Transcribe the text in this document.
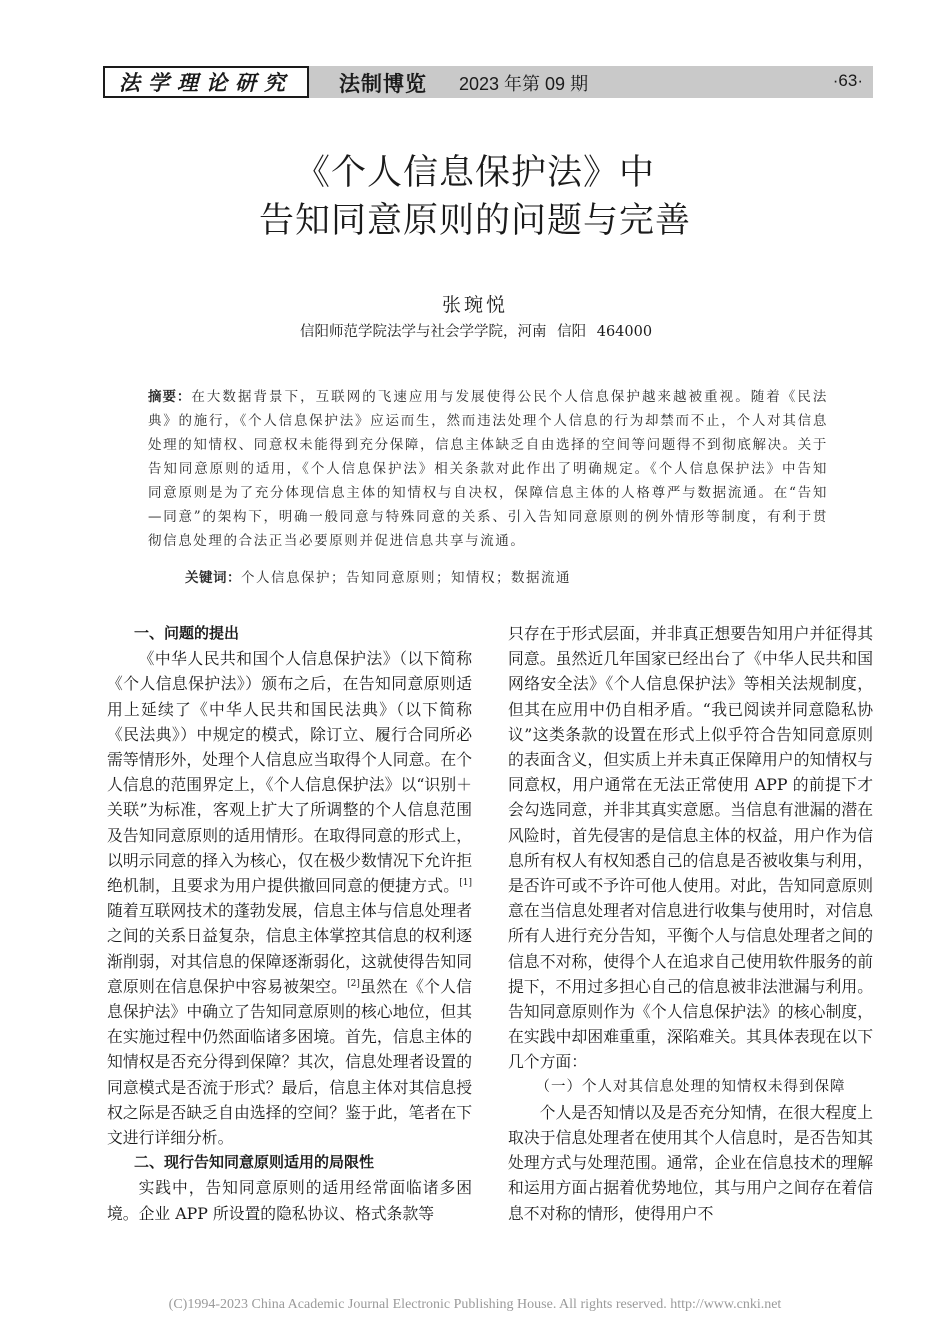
法学理论研究	法制博览 2023 年第 09 期	·63·
《个人信息保护法》中
告知同意原则的问题与完善
张琬悦
信阳师范学院法学与社会学学院，河南 信阳 464000
摘要：在大数据背景下，互联网的飞速应用与发展使得公民个人信息保护越来越被重视。随着《民法典》的施行，《个人信息保护法》应运而生，然而违法处理个人信息的行为却禁而不止，个人对其信息处理的知情权、同意权未能得到充分保障，信息主体缺乏自由选择的空间等问题得不到彻底解决。关于告知同意原则的适用，《个人信息保护法》相关条款对此作出了明确规定。《个人信息保护法》中告知同意原则是为了充分体现信息主体的知情权与自决权，保障信息主体的人格尊严与数据流通。在“告知—同意”的架构下，明确一般同意与特殊同意的关系、引入告知同意原则的例外情形等制度，有利于贯彻信息处理的合法正当必要原则并促进信息共享与流通。
关键词：个人信息保护；告知同意原则；知情权；数据流通
一、问题的提出

《中华人民共和国个人信息保护法》（以下简称《个人信息保护法》）颁布之后，在告知同意原则适用上延续了《中华人民共和国民法典》（以下简称《民法典》）中规定的模式，除订立、履行合同所必需等情形外，处理个人信息应当取得个人同意。在个人信息的范围界定上，《个人信息保护法》以“识别＋关联”为标准，客观上扩大了所调整的个人信息范围及告知同意原则的适用情形。在取得同意的形式上，以明示同意的择入为核心，仅在极少数情况下允许拒绝机制，且要求为用户提供撤回同意的便捷方式。[1]随着互联网技术的蓬勃发展，信息主体与信息处理者之间的关系日益复杂，信息主体掌控其信息的权利逐渐削弱，对其信息的保障逐渐弱化，这就使得告知同意原则在信息保护中容易被架空。[2]虽然在《个人信息保护法》中确立了告知同意原则的核心地位，但其在实施过程中仍然面临诸多困境。首先，信息主体的知情权是否充分得到保障？其次，信息处理者设置的同意模式是否流于形式？最后，信息主体对其信息授权之际是否缺乏自由选择的空间？鉴于此，笔者在下文进行详细分析。

二、现行告知同意原则适用的局限性

实践中，告知同意原则的适用经常面临诸多困境。企业 APP 所设置的隐私协议、格式条款等

只存在于形式层面，并非真正想要告知用户并征得其同意。虽然近几年国家已经出台了《中华人民共和国网络安全法》《个人信息保护法》等相关法规制度，但其在应用中仍自相矛盾。“我已阅读并同意隐私协议”这类条款的设置在形式上似乎符合告知同意原则的表面含义，但实质上并未真正保障用户的知情权与同意权，用户通常在无法正常使用 APP 的前提下才会勾选同意，并非其真实意愿。当信息有泄漏的潜在风险时，首先侵害的是信息主体的权益，用户作为信息所有权人有权知悉自己的信息是否被收集与利用，是否许可或不予许可他人使用。对此，告知同意原则意在当信息处理者对信息进行收集与使用时，对信息所有人进行充分告知，平衡个人与信息处理者之间的信息不对称，使得个人在追求自己使用软件服务的前提下，不用过多担心自己的信息被非法泄漏与利用。告知同意原则作为《个人信息保护法》的核心制度，在实践中却困难重重，深陷难关。其具体表现在以下几个方面：

（一）个人对其信息处理的知情权未得到保障

个人是否知情以及是否充分知情，在很大程度上取决于信息处理者在使用其个人信息时，是否告知其处理方式与处理范围。通常，企业在信息技术的理解和运用方面占据着优势地位，其与用户之间存在着信息不对称的情形，使得用户不

(C)1994-2023 China Academic Journal Electronic Publishing House. All rights reserved. http://www.cnki.net
